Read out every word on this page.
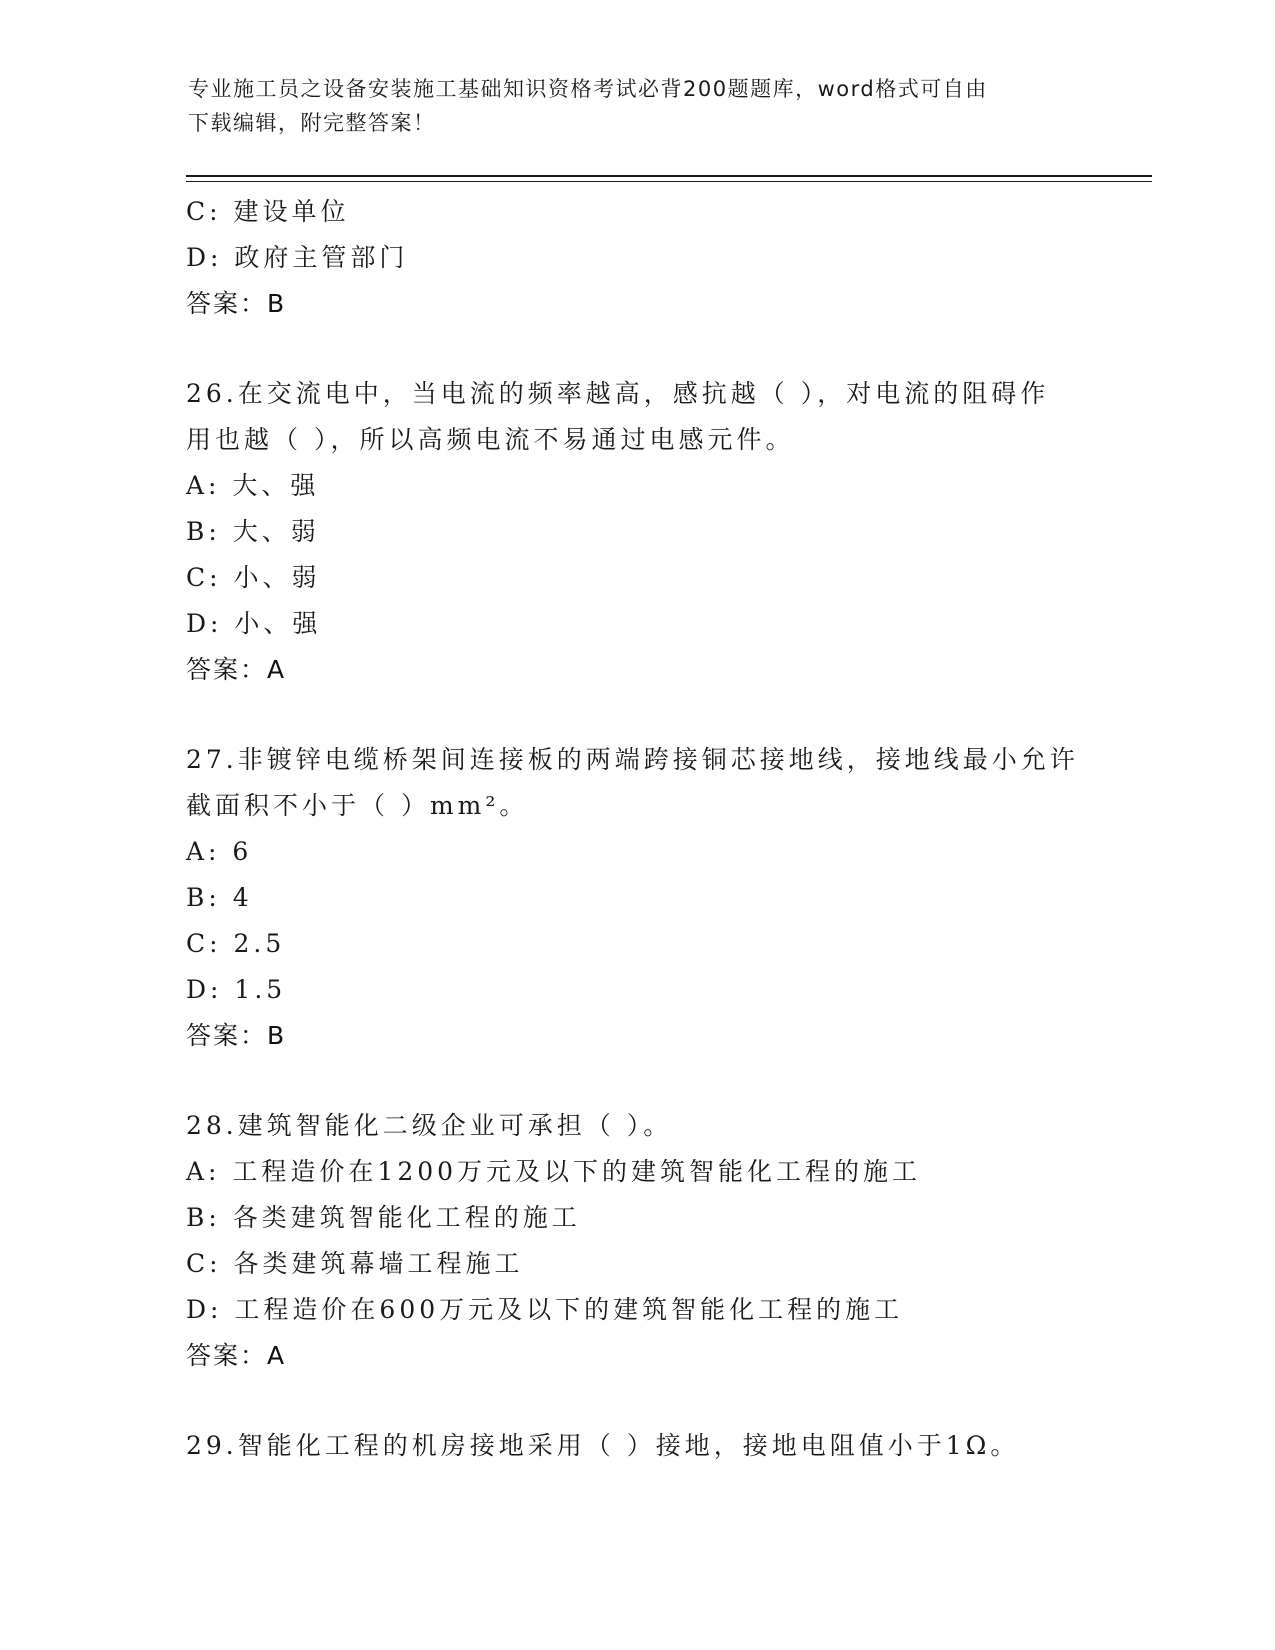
专业施工员之设备安装施工基础知识资格考试必背200题题库，word格式可自由
下载编辑，附完整答案！
C: 建设单位
D: 政府主管部门
答案：B
26.在交流电中，当电流的频率越高，感抗越（ ），对电流的阻碍作
用也越（ ），所以高频电流不易通过电感元件。
A: 大、强
B: 大、弱
C: 小、弱
D: 小、强
答案：A
27.非镀锌电缆桥架间连接板的两端跨接铜芯接地线，接地线最小允许
截面积不小于（ ）mm²。
A: 6
B: 4
C: 2.5
D: 1.5
答案：B
28.建筑智能化二级企业可承担（ ）。
A: 工程造价在1200万元及以下的建筑智能化工程的施工
B: 各类建筑智能化工程的施工
C: 各类建筑幕墙工程施工
D: 工程造价在600万元及以下的建筑智能化工程的施工
答案：A
29.智能化工程的机房接地采用（ ）接地，接地电阻值小于1Ω。
